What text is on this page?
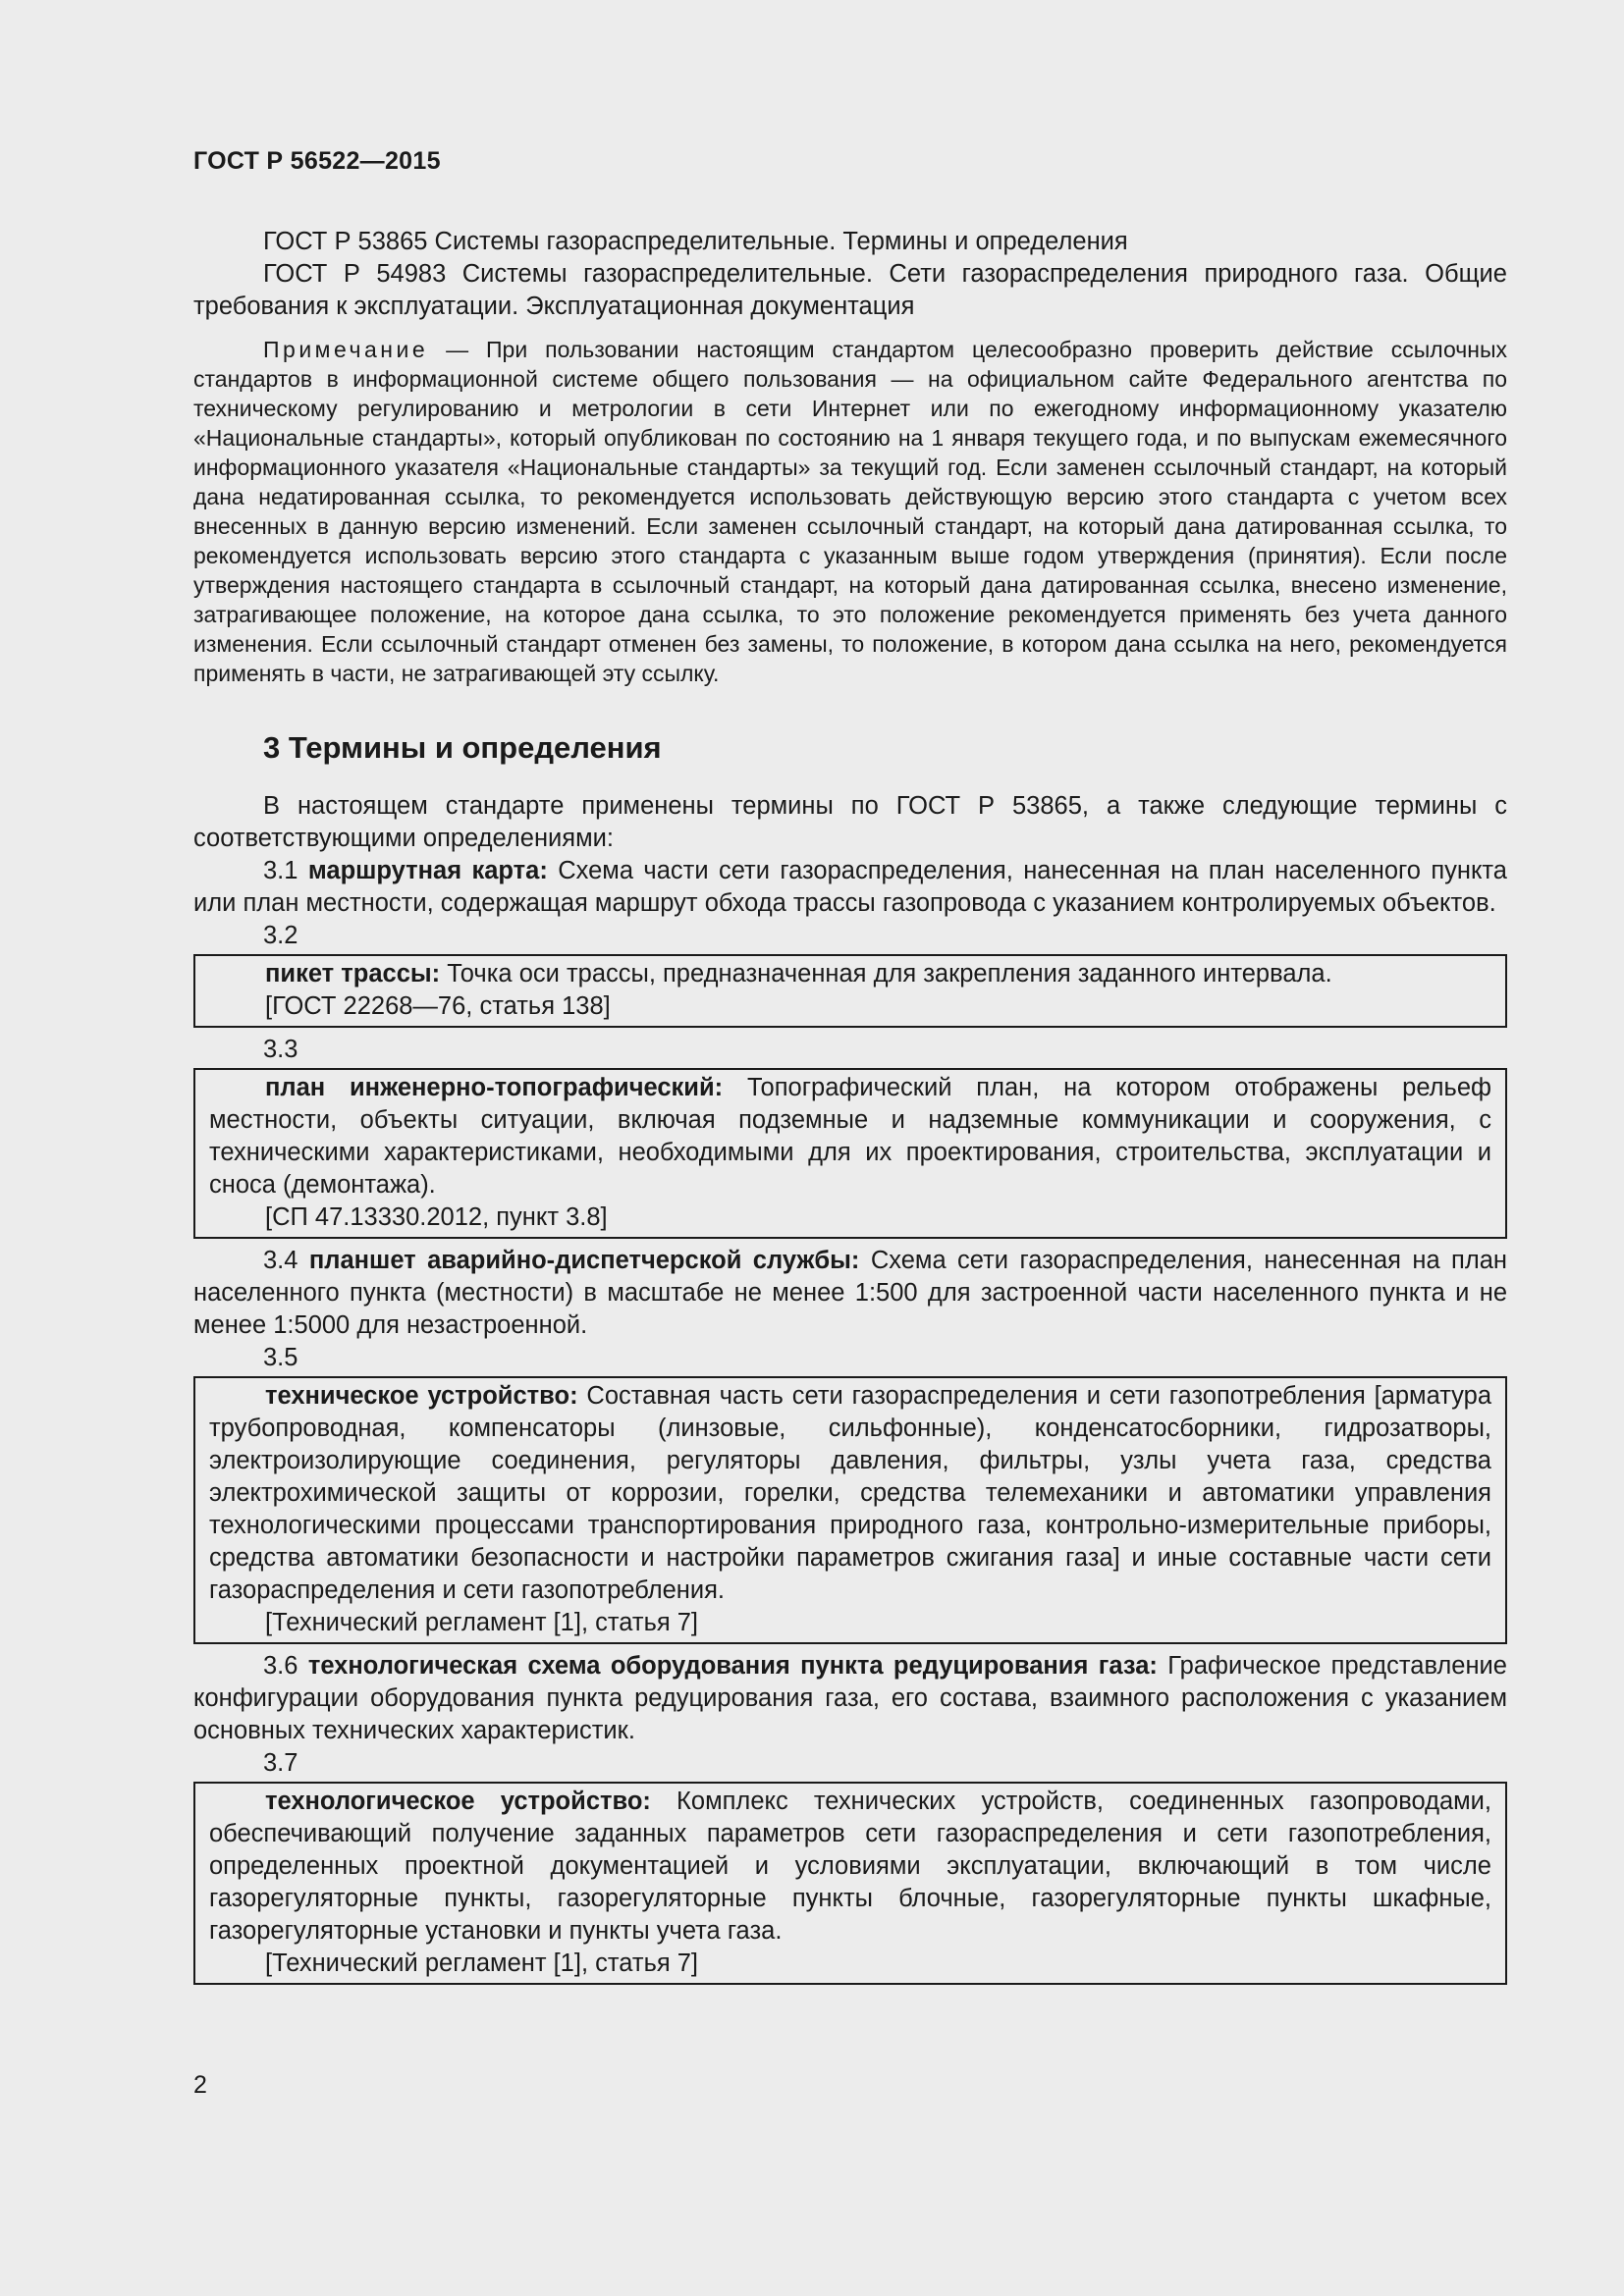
ГОСТ Р 56522—2015

ГОСТ Р 53865 Системы газораспределительные. Термины и определения

ГОСТ Р 54983 Системы газораспределительные. Сети газораспределения природного газа. Общие требования к эксплуатации. Эксплуатационная документация

Примечание — При пользовании настоящим стандартом целесообразно проверить действие ссылочных стандартов в информационной системе общего пользования — на официальном сайте Федерального агентства по техническому регулированию и метрологии в сети Интернет или по ежегодному информационному указателю «Национальные стандарты», который опубликован по состоянию на 1 января текущего года, и по выпускам ежемесячного информационного указателя «Национальные стандарты» за текущий год. Если заменен ссылочный стандарт, на который дана недатированная ссылка, то рекомендуется использовать действующую версию этого стандарта с учетом всех внесенных в данную версию изменений. Если заменен ссылочный стандарт, на который дана датированная ссылка, то рекомендуется использовать версию этого стандарта с указанным выше годом утверждения (принятия). Если после утверждения настоящего стандарта в ссылочный стандарт, на который дана датированная ссылка, внесено изменение, затрагивающее положение, на которое дана ссылка, то это положение рекомендуется применять без учета данного изменения. Если ссылочный стандарт отменен без замены, то положение, в котором дана ссылка на него, рекомендуется применять в части, не затрагивающей эту ссылку.

3 Термины и определения

В настоящем стандарте применены термины по ГОСТ Р 53865, а также следующие термины с соответствующими определениями:

3.1 маршрутная карта: Схема части сети газораспределения, нанесенная на план населенного пункта или план местности, содержащая маршрут обхода трассы газопровода с указанием контролируемых объектов.

3.2

пикет трассы: Точка оси трассы, предназначенная для закрепления заданного интервала.

[ГОСТ 22268—76, статья 138]
3.3

план инженерно-топографический: Топографический план, на котором отображены рельеф местности, объекты ситуации, включая подземные и надземные коммуникации и сооружения, с техническими характеристиками, необходимыми для их проектирования, строительства, эксплуатации и сноса (демонтажа).

[СП 47.13330.2012, пункт 3.8]

3.4 планшет аварийно-диспетчерской службы: Схема сети газораспределения, нанесенная на план населенного пункта (местности) в масштабе не менее 1:500 для застроенной части населенного пункта и не менее 1:5000 для незастроенной.

3.5

техническое устройство: Составная часть сети газораспределения и сети газопотребления [арматура трубопроводная, компенсаторы (линзовые, сильфонные), конденсатосборники, гидрозатворы, электроизолирующие соединения, регуляторы давления, фильтры, узлы учета газа, средства электрохимической защиты от коррозии, горелки, средства телемеханики и автоматики управления технологическими процессами транспортирования природного газа, контрольно-измерительные приборы, средства автоматики безопасности и настройки параметров сжигания газа] и иные составные части сети газораспределения и сети газопотребления.

[Технический регламент [1], статья 7]

3.6 технологическая схема оборудования пункта редуцирования газа: Графическое представление конфигурации оборудования пункта редуцирования газа, его состава, взаимного расположения с указанием основных технических характеристик.

3.7

технологическое устройство: Комплекс технических устройств, соединенных газопроводами, обеспечивающий получение заданных параметров сети газораспределения и сети газопотребления, определенных проектной документацией и условиями эксплуатации, включающий в том числе газорегуляторные пункты, газорегуляторные пункты блочные, газорегуляторные пункты шкафные, газорегуляторные установки и пункты учета газа.

[Технический регламент [1], статья 7]
2
